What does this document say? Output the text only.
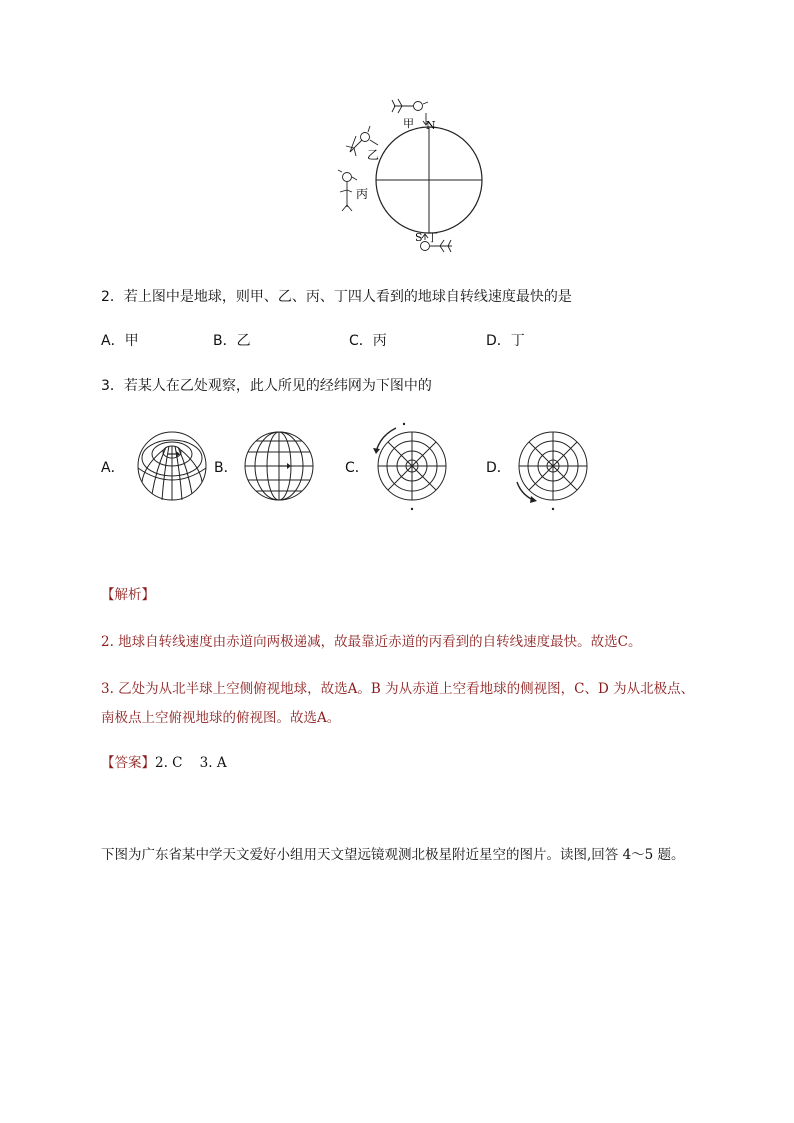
甲 N
乙
丙
S 丁
2．若上图中是地球，则甲、乙、丙、丁四人看到的地球自转线速度最快的是
A．甲	B．乙	C．丙	D．丁
3．若某人在乙处观察，此人所见的经纬网为下图中的
A．	B．	C．	D．
【解析】
2. 地球自转线速度由赤道向两极递减，故最靠近赤道的丙看到的自转线速度最快。故选C。
3. 乙处为从北半球上空侧俯视地球，故选A。B 为从赤道上空看地球的侧视图，C、D 为从北极点、
南极点上空俯视地球的俯视图。故选A。
【答案】2. C    3. A
下图为广东省某中学天文爱好小组用天文望远镜观测北极星附近星空的图片。读图,回答 4～5 题。
